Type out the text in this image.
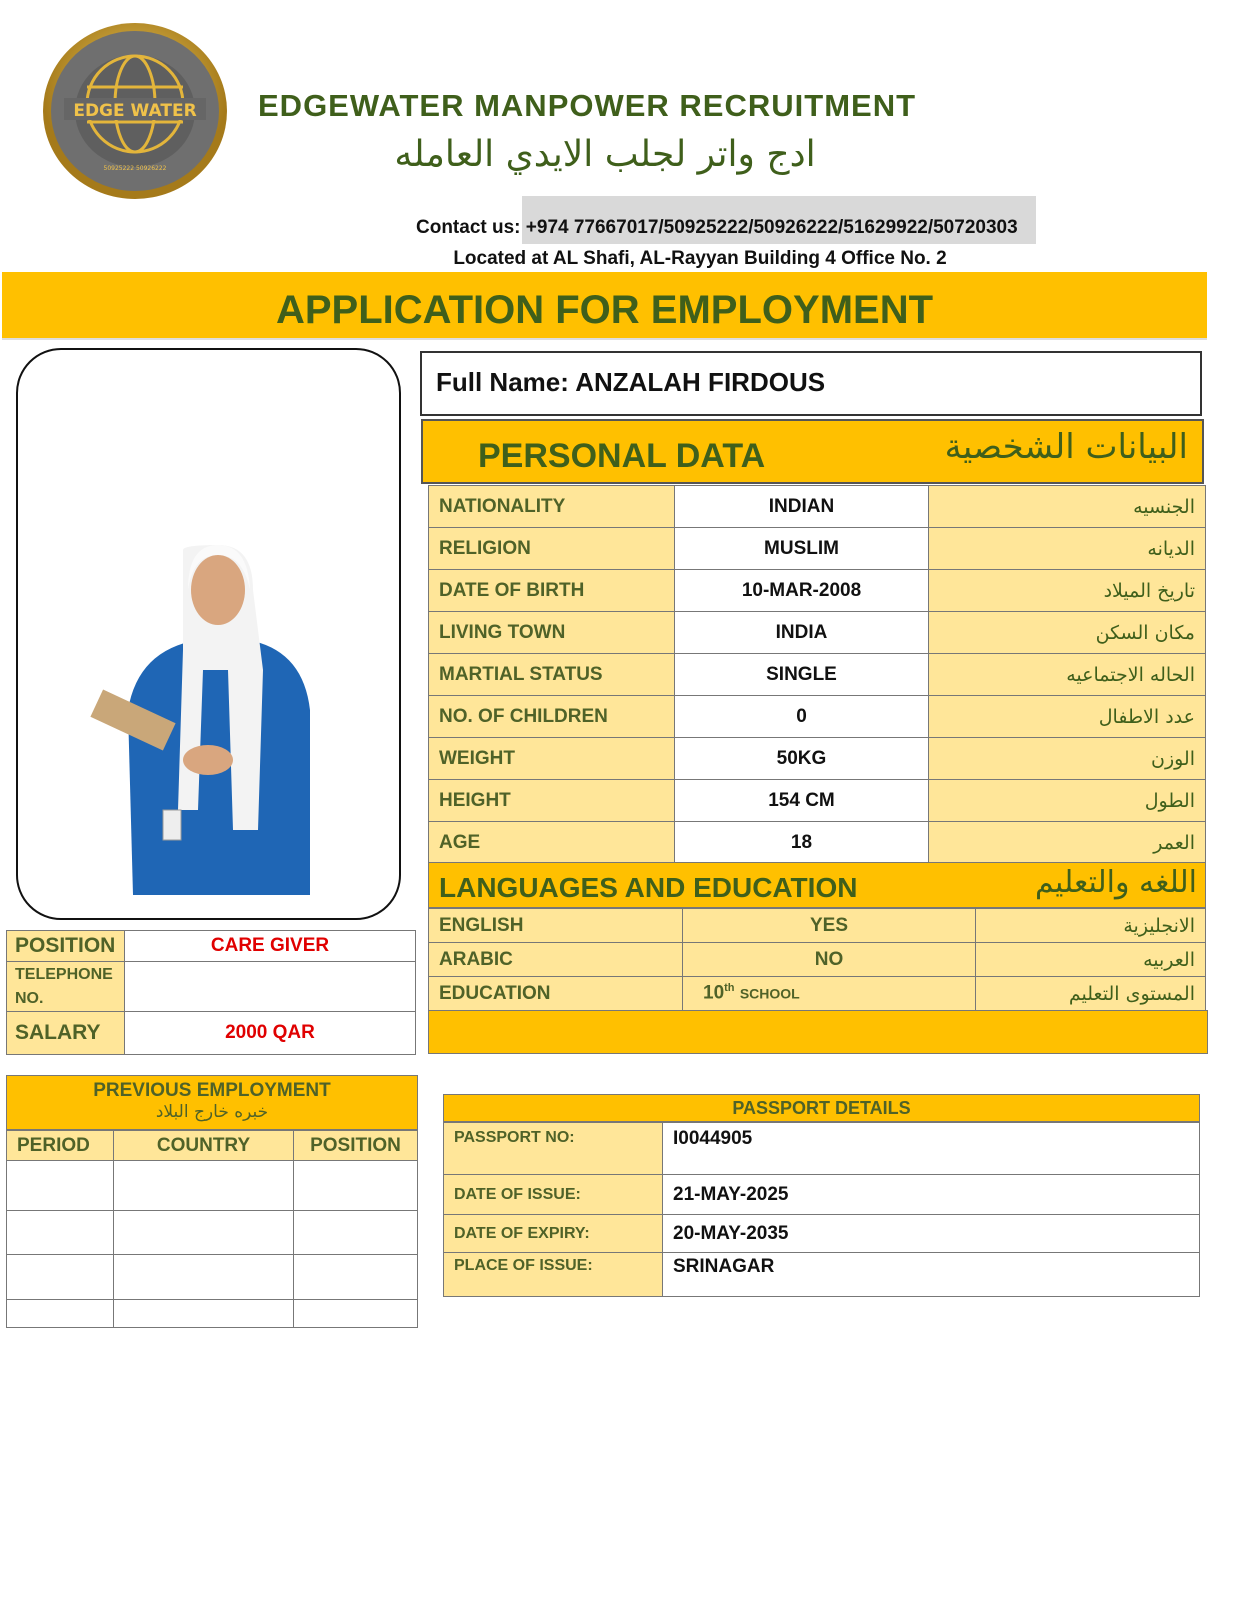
EDGE WATER
50925222 50926222
EDGEWATER MANPOWER RECRUITMENT
ادج واتر لجلب الايدي العامله
Contact us: +974 77667017/50925222/50926222/51629922/50720303
Located at AL Shafi, AL-Rayyan Building 4 Office No. 2
APPLICATION FOR EMPLOYMENT
Full Name: ANZALAH FIRDOUS
PERSONAL DATA	البيانات الشخصية
NATIONALITY	INDIAN	الجنسيه
RELIGION	MUSLIM	الديانه
DATE OF BIRTH	10-MAR-2008	تاريخ الميلاد
LIVING TOWN	INDIA	مكان السكن
MARTIAL STATUS	SINGLE	الحاله الاجتماعيه
NO. OF CHILDREN	0	عدد الاطفال
WEIGHT	50KG	الوزن
HEIGHT	154 CM	الطول
AGE	18	العمر
LANGUAGES AND EDUCATION	اللغه والتعليم
ENGLISH	YES	الانجليزية
ARABIC	NO	العربيه
EDUCATION	10th SCHOOL	المستوى التعليم
POSITION	CARE GIVER
TELEPHONE NO.	
SALARY	2000 QAR
PREVIOUS EMPLOYMENT
خبره خارج البلاد
PERIOD	COUNTRY	POSITION

PASSPORT DETAILS
PASSPORT NO:	I0044905
DATE OF ISSUE:	21-MAY-2025
DATE OF EXPIRY:	20-MAY-2035
PLACE OF ISSUE:	SRINAGAR
